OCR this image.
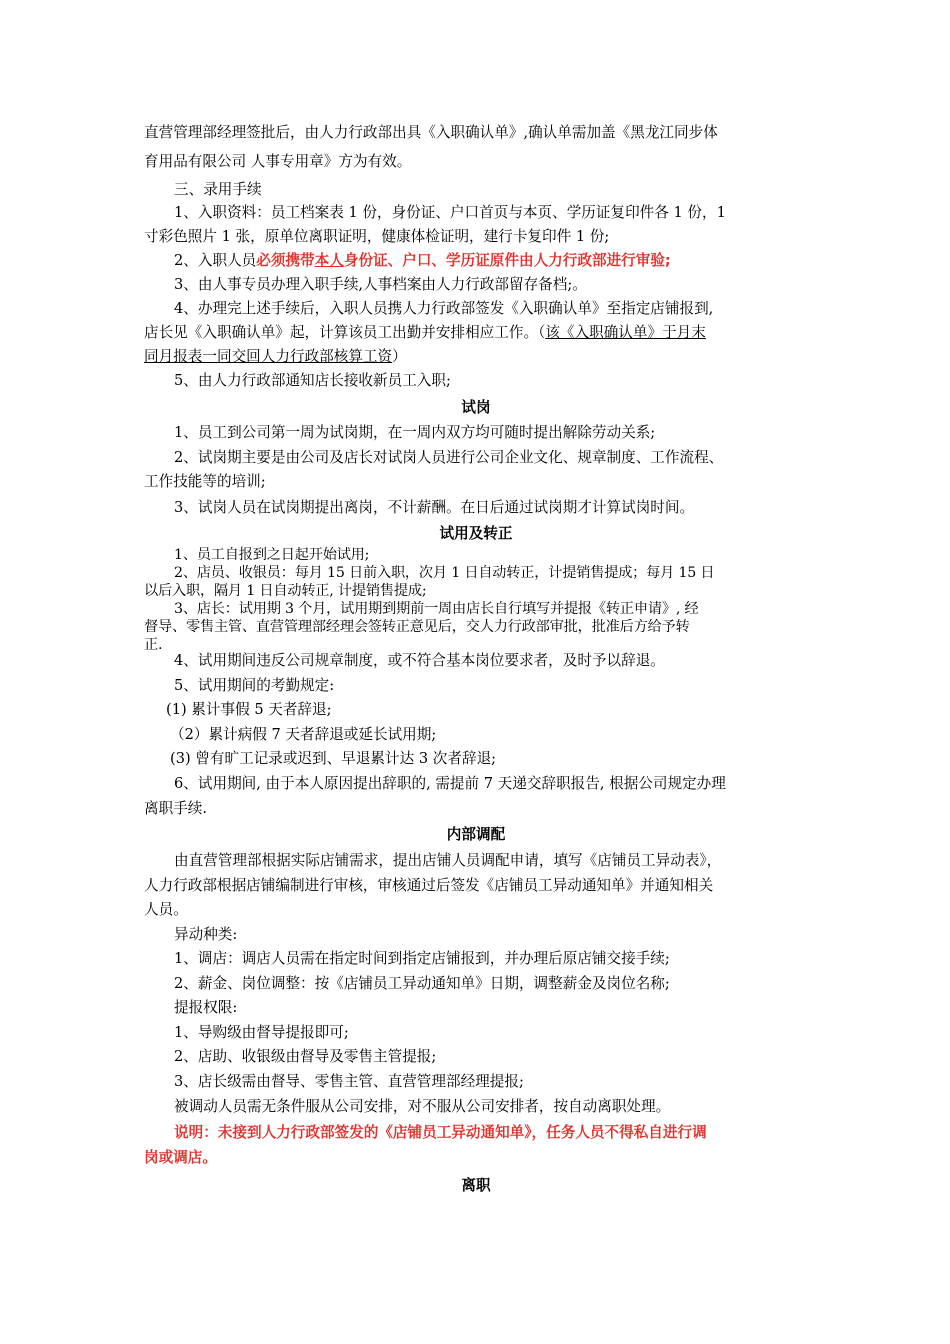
直营管理部经理签批后，由人力行政部出具《入职确认单》,确认单需加盖《黑龙江同步体
育用品有限公司 人事专用章》方为有效。
三、录用手续
1、入职资料：员工档案表 1 份，身份证、户口首页与本页、学历证复印件各 1 份，1
寸彩色照片 1 张，原单位离职证明，健康体检证明，建行卡复印件 1 份;
2、入职人员必须携带本人身份证、户口、学历证原件由人力行政部进行审验;
3、由人事专员办理入职手续,人事档案由人力行政部留存备档;。
4、办理完上述手续后，入职人员携人力行政部签发《入职确认单》至指定店铺报到,
店长见《入职确认单》起，计算该员工出勤并安排相应工作。（该《入职确认单》于月末
同月报表一同交回人力行政部核算工资）
5、由人力行政部通知店长接收新员工入职;
试岗
1、员工到公司第一周为试岗期，在一周内双方均可随时提出解除劳动关系;
2、试岗期主要是由公司及店长对试岗人员进行公司企业文化、规章制度、工作流程、
工作技能等的培训;
3、试岗人员在试岗期提出离岗，不计薪酬。在日后通过试岗期才计算试岗时间。
试用及转正
1、员工自报到之日起开始试用;
2、店员、收银员：每月 15 日前入职，次月 1 日自动转正，计提销售提成；每月 15 日
以后入职，隔月 1 日自动转正, 计提销售提成;
3、店长：试用期 3 个月，试用期到期前一周由店长自行填写并提报《转正申请》, 经
督导、零售主管、直营管理部经理会签转正意见后，交人力行政部审批，批准后方给予转
正.
4、试用期间违反公司规章制度，或不符合基本岗位要求者，及时予以辞退。
5、试用期间的考勤规定:
(1) 累计事假 5 天者辞退;
（2）累计病假 7 天者辞退或延长试用期;
(3) 曾有旷工记录或迟到、早退累计达 3 次者辞退;
6、试用期间, 由于本人原因提出辞职的, 需提前 7 天递交辞职报告, 根据公司规定办理
离职手续.
内部调配
由直营管理部根据实际店铺需求，提出店铺人员调配申请，填写《店铺员工异动表》，
人力行政部根据店铺编制进行审核，审核通过后签发《店铺员工异动通知单》并通知相关
人员。
异动种类:
1、调店：调店人员需在指定时间到指定店铺报到，并办理后原店铺交接手续;
2、薪金、岗位调整：按《店铺员工异动通知单》日期，调整薪金及岗位名称;
提报权限:
1、导购级由督导提报即可;
2、店助、收银级由督导及零售主管提报;
3、店长级需由督导、零售主管、直营管理部经理提报;
被调动人员需无条件服从公司安排，对不服从公司安排者，按自动离职处理。
说明：未接到人力行政部签发的《店铺员工异动通知单》，任务人员不得私自进行调
岗或调店。
离职
